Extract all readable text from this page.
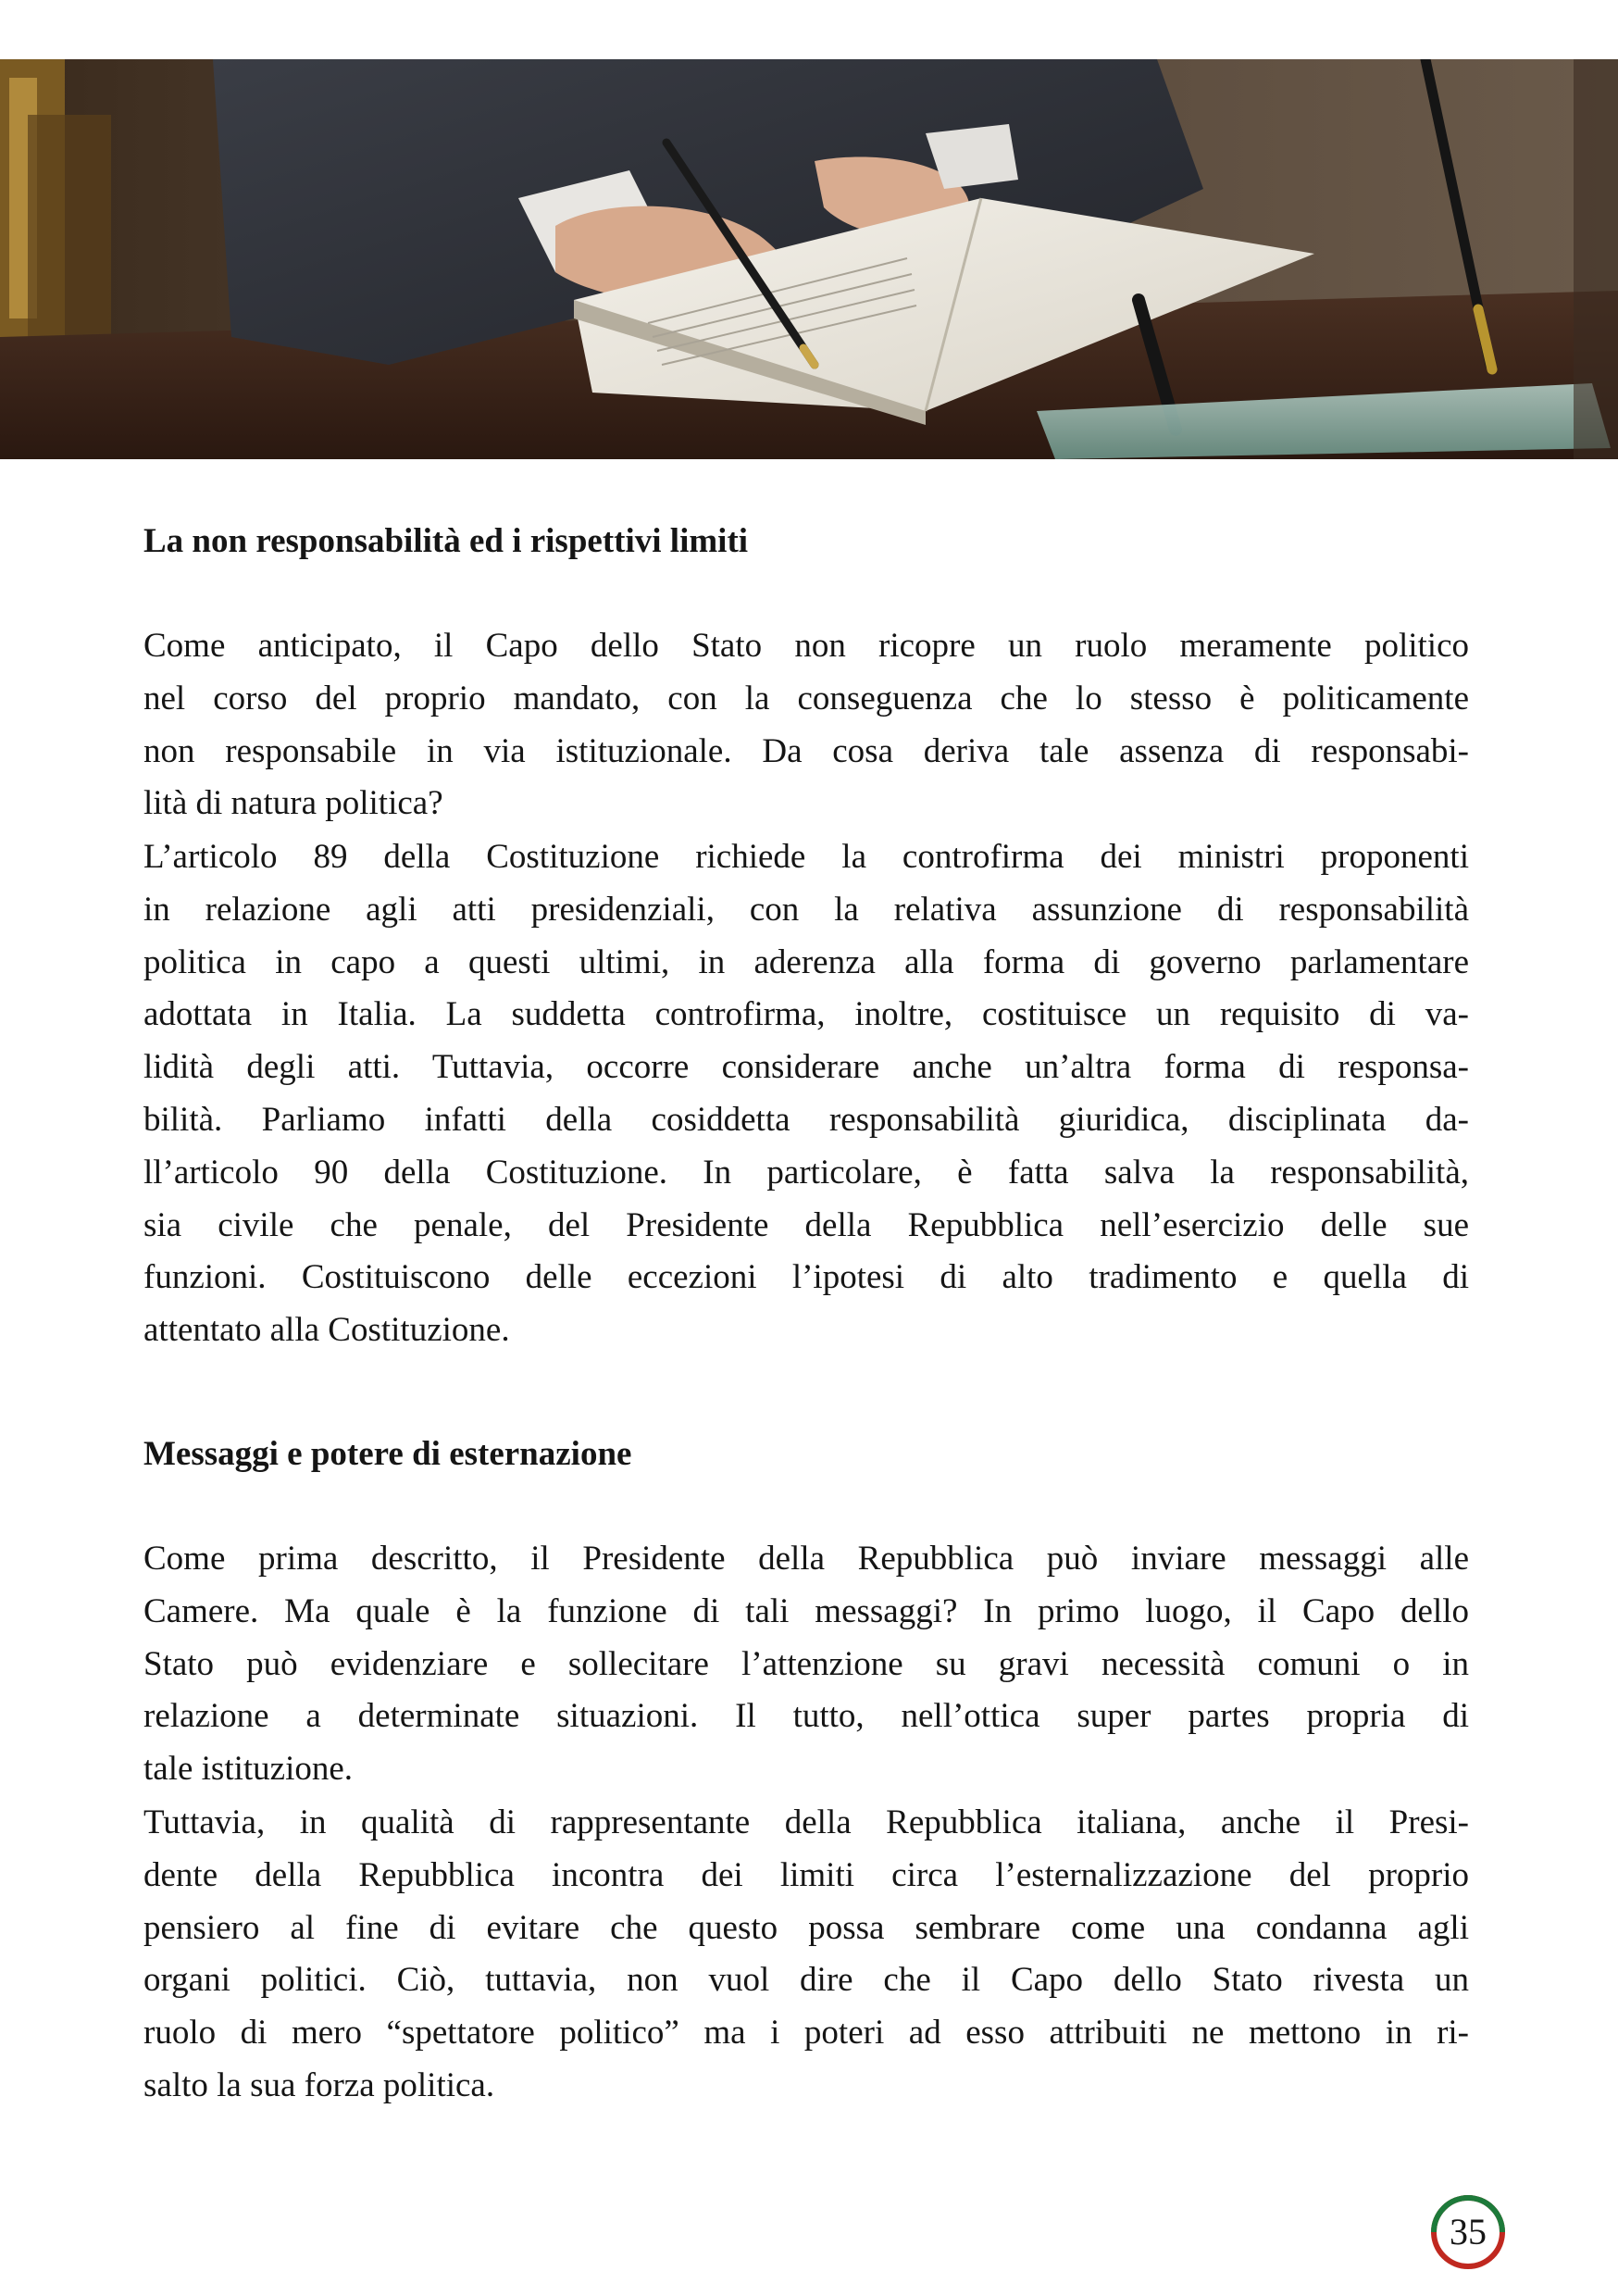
La non responsabilità ed i rispettivi limiti
Come anticipato, il Capo dello Stato non ricopre un ruolo meramente politico
nel corso del proprio mandato, con la conseguenza che lo stesso è politicamente
non responsabile in via istituzionale. Da cosa deriva tale assenza di responsabi-
lità di natura politica?
L’articolo 89 della Costituzione richiede la controfirma dei ministri proponenti
in relazione agli atti presidenziali, con la relativa assunzione di responsabilità
politica in capo a questi ultimi, in aderenza alla forma di governo parlamentare
adottata in Italia. La suddetta controfirma, inoltre, costituisce un requisito di va-
lidità degli atti. Tuttavia, occorre considerare anche un’altra forma di responsa-
bilità. Parliamo infatti della cosiddetta responsabilità giuridica, disciplinata da-
ll’articolo 90 della Costituzione. In particolare, è fatta salva la responsabilità,
sia civile che penale, del Presidente della Repubblica nell’esercizio delle sue
funzioni. Costituiscono delle eccezioni l’ipotesi di alto tradimento e quella di
attentato alla Costituzione.
Messaggi e potere di esternazione
Come prima descritto, il Presidente della Repubblica può inviare messaggi alle
Camere. Ma quale è la funzione di tali messaggi? In primo luogo, il Capo dello
Stato può evidenziare e sollecitare l’attenzione su gravi necessità comuni o in
relazione a determinate situazioni. Il tutto, nell’ottica super partes propria di
tale istituzione.
Tuttavia, in qualità di rappresentante della Repubblica italiana, anche il Presi-
dente della Repubblica incontra dei limiti circa l’esternalizzazione del proprio
pensiero al fine di evitare che questo possa sembrare come una condanna agli
organi politici. Ciò, tuttavia, non vuol dire che il Capo dello Stato rivesta un
ruolo di mero “spettatore politico” ma i poteri ad esso attribuiti ne mettono in ri-
salto la sua forza politica.
35
